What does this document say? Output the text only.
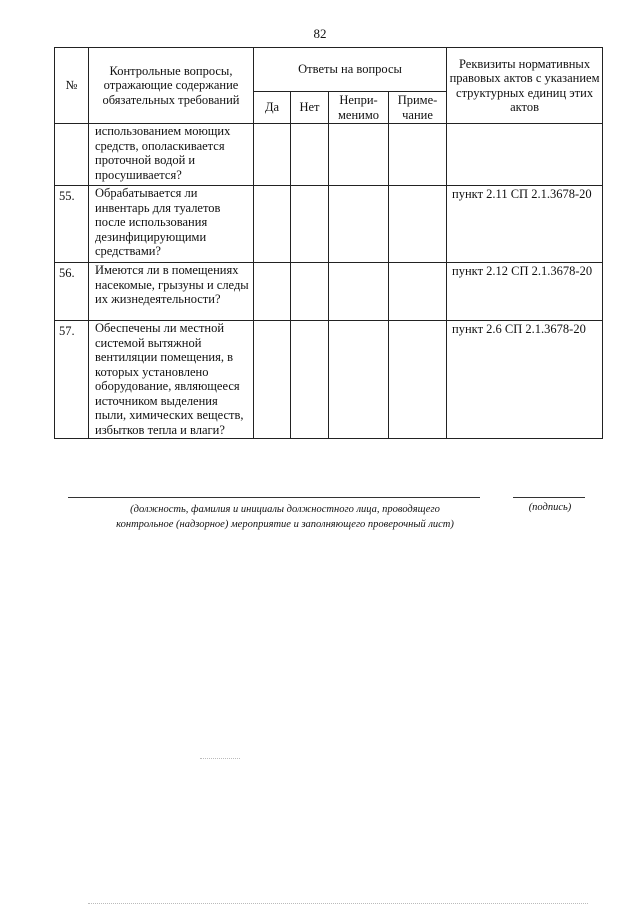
82
№	Контрольные вопросы, отражающие содержание обязательных требований	Ответы на вопросы				Реквизиты нормативных правовых актов с указанием структурных единиц этих актов
		Да	Нет	Непри-менимо	Приме-чание	
	использованием моющих средств, ополаскивается проточной водой и просушивается?					
55.	Обрабатывается ли инвентарь для туалетов после использования дезинфицирующими средствами?					пункт 2.11 СП 2.1.3678-20
56.	Имеются ли в помещениях насекомые, грызуны и следы их жизнедеятельности?					пункт 2.12 СП 2.1.3678-20
57.	Обеспечены ли местной системой вытяжной вентиляции помещения, в которых установлено оборудование, являющееся источником выделения пыли, химических веществ, избытков тепла и влаги?					пункт 2.6 СП 2.1.3678-20
(должность, фамилия и инициалы должностного лица, проводящего контрольное (надзорное) мероприятие и заполняющего проверочный лист)
(подпись)
